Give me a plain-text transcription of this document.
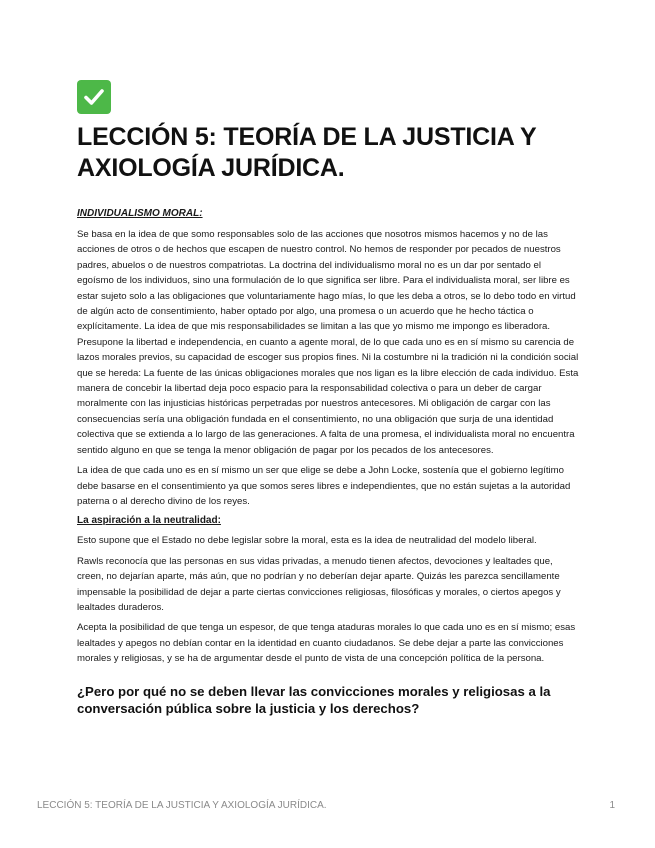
LECCIÓN 5: TEORÍA DE LA JUSTICIA Y AXIOLOGÍA JURÍDICA.
INDIVIDUALISMO MORAL:

Se basa en la idea de que somo responsables solo de las acciones que nosotros mismos hacemos y no de las acciones de otros o de hechos que escapen de nuestro control. No hemos de responder por pecados de nuestros padres, abuelos o de nuestros compatriotas. La doctrina del individualismo moral no es un dar por sentado el egoísmo de los individuos, sino una formulación de lo que significa ser libre. Para el individualista moral, ser libre es estar sujeto solo a las obligaciones que voluntariamente hago mías, lo que les deba a otros, se lo debo todo en virtud de algún acto de consentimiento, haber optado por algo, una promesa o un acuerdo que he hecho táctica o explícitamente. La idea de que mis responsabilidades se limitan a las que yo mismo me impongo es liberadora. Presupone la libertad e independencia, en cuanto a agente moral, de lo que cada uno es en sí mismo su carencia de lazos morales previos, su capacidad de escoger sus propios fines. Ni la costumbre ni la tradición ni la condición social que se hereda: La fuente de las únicas obligaciones morales que nos ligan es la libre elección de cada individuo. Esta manera de concebir la libertad deja poco espacio para la responsabilidad colectiva o para un deber de cargar moralmente con las injusticias históricas perpetradas por nuestros antecesores. Mi obligación de cargar con las consecuencias sería una obligación fundada en el consentimiento, no una obligación que surja de una identidad colectiva que se extienda a lo largo de las generaciones. A falta de una promesa, el individualista moral no encuentra sentido alguno en que se tenga la menor obligación de pagar por los pecados de los antecesores.

La idea de que cada uno es en sí mismo un ser que elige se debe a John Locke, sostenía que el gobierno legítimo debe basarse en el consentimiento ya que somos seres libres e independientes, que no están sujetas a la autoridad paterna o al derecho divino de los reyes.

La aspiración a la neutralidad:

Esto supone que el Estado no debe legislar sobre la moral, esta es la idea de neutralidad del modelo liberal.

Rawls reconocía que las personas en sus vidas privadas, a menudo tienen afectos, devociones y lealtades que, creen, no dejarían aparte, más aún, que no podrían y no deberían dejar aparte. Quizás les parezca sencillamente impensable la posibilidad de dejar a parte ciertas convicciones religiosas, filosóficas y morales, o ciertos apegos y lealtades duraderos.

Acepta la posibilidad de que tenga un espesor, de que tenga ataduras morales lo que cada uno es en sí mismo; esas lealtades y apegos no debían contar en la identidad en cuanto ciudadanos. Se debe dejar a parte las convicciones morales y religiosas, y se ha de argumentar desde el punto de vista de una concepción política de la persona.

¿Pero por qué no se deben llevar las convicciones morales y religiosas a la conversación pública sobre la justicia y los derechos?
LECCIÓN 5: TEORÍA DE LA JUSTICIA Y AXIOLOGÍA JURÍDICA.	1
